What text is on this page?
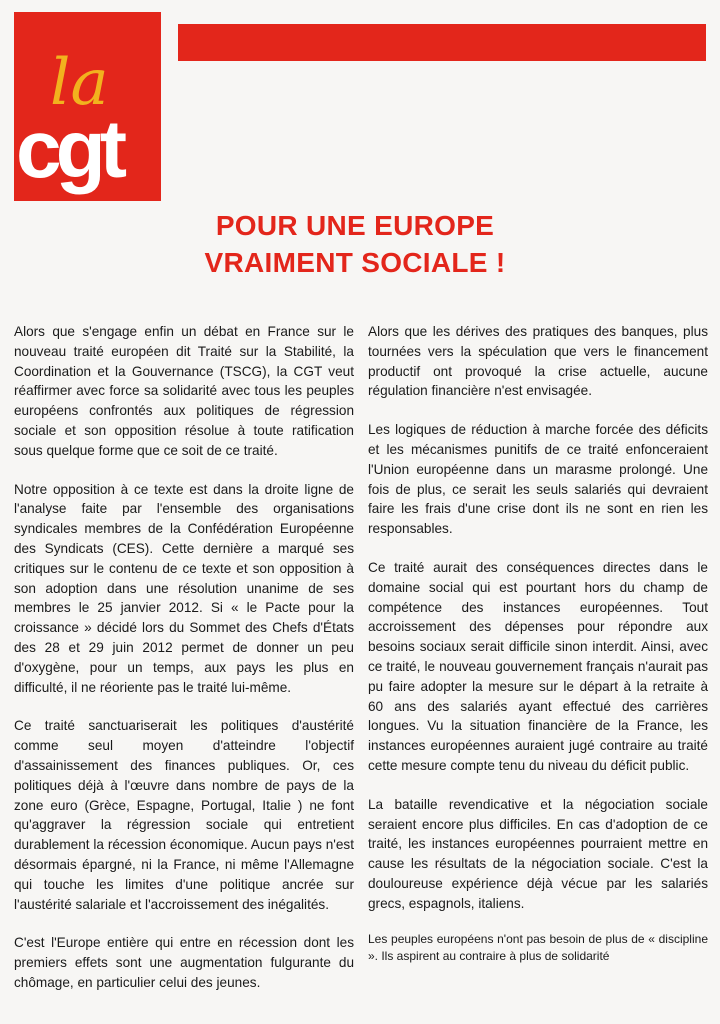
la
cgt
POUR UNE EUROPE
VRAIMENT SOCIALE !

Alors que s'engage enfin un débat en France sur le nouveau traité européen dit Traité sur la Stabilité, la Coordination et la Gouvernance (TSCG), la CGT veut réaffirmer avec force sa solidarité avec tous les peuples européens confrontés aux politiques de régression sociale et son opposition résolue à toute ratification sous quelque forme que ce soit de ce traité.

Notre opposition à ce texte est dans la droite ligne de l'analyse faite par l'ensemble des organisations syndicales membres de la Confédération Européenne des Syndicats (CES). Cette dernière a marqué ses critiques sur le contenu de ce texte et son opposition à son adoption dans une résolution unanime de ses membres le 25 janvier 2012. Si « le Pacte pour la croissance » décidé lors du Sommet des Chefs d'États des 28 et 29 juin 2012 permet de donner un peu d'oxygène, pour un temps, aux pays les plus en difficulté, il ne réoriente pas le traité lui-même.

Ce traité sanctuariserait les politiques d'austérité comme seul moyen d'atteindre l'objectif d'assainissement des finances publiques. Or, ces politiques déjà à l'œuvre dans nombre de pays de la zone euro (Grèce, Espagne, Portugal, Italie ) ne font qu'aggraver la régression sociale qui entretient durablement la récession économique. Aucun pays n'est désormais épargné, ni la France, ni même l'Allemagne qui touche les limites d'une politique ancrée sur l'austérité salariale et l'accroissement des inégalités.

C'est l'Europe entière qui entre en récession dont les premiers effets sont une augmentation fulgurante du chômage, en particulier celui des jeunes.

Alors que les dérives des pratiques des banques, plus tournées vers la spéculation que vers le financement productif ont provoqué la crise actuelle, aucune régulation financière n'est envisagée.

Les logiques de réduction à marche forcée des déficits et les mécanismes punitifs de ce traité enfonceraient l'Union européenne dans un marasme prolongé. Une fois de plus, ce serait les seuls salariés qui devraient faire les frais d'une crise dont ils ne sont en rien les responsables.

Ce traité aurait des conséquences directes dans le domaine social qui est pourtant hors du champ de compétence des instances européennes. Tout accroissement des dépenses pour répondre aux besoins sociaux serait difficile sinon interdit. Ainsi, avec ce traité, le nouveau gouvernement français n'aurait pas pu faire adopter la mesure sur le départ à la retraite à 60 ans des salariés ayant effectué des carrières longues. Vu la situation financière de la France, les instances européennes auraient jugé contraire au traité cette mesure compte tenu du niveau du déficit public.

La bataille revendicative et la négociation sociale seraient encore plus difficiles. En cas d'adoption de ce traité, les instances européennes pourraient mettre en cause les résultats de la négociation sociale. C'est la douloureuse expérience déjà vécue par les salariés grecs, espagnols, italiens.

Les peuples européens n'ont pas besoin de plus de « discipline ». Ils aspirent au contraire à plus de solidarité
